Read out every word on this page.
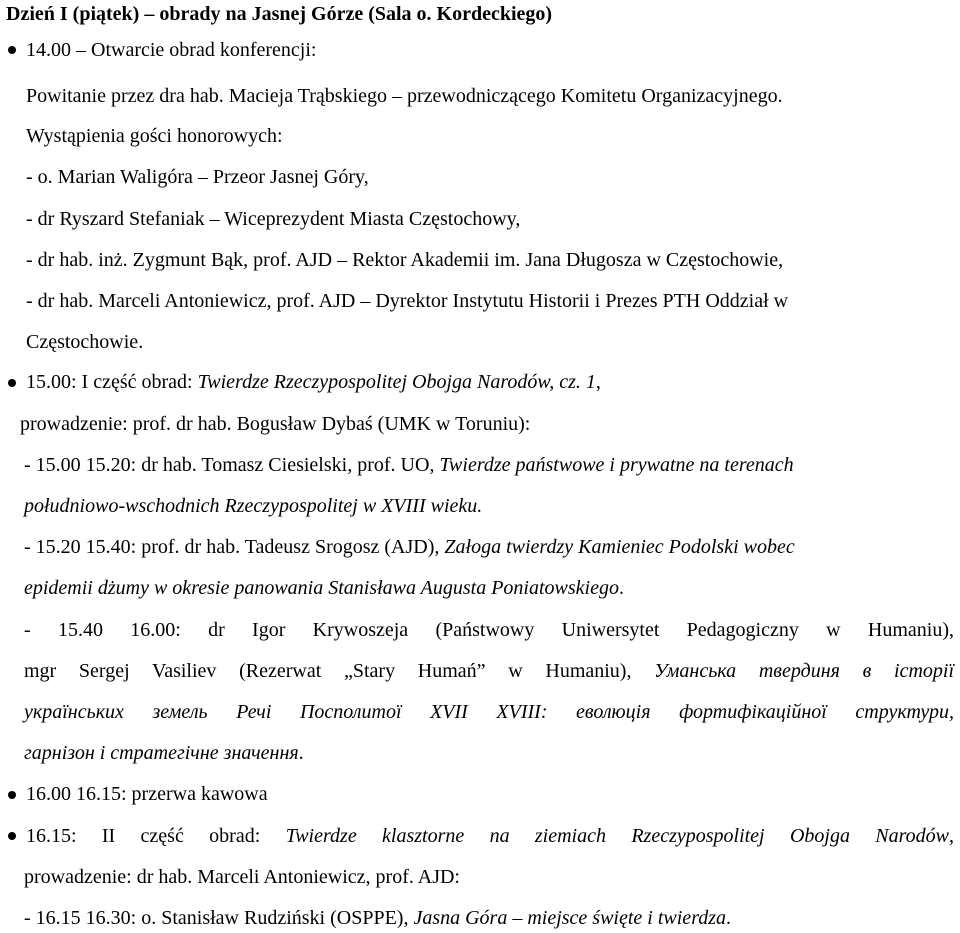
Dzień I (piątek) – obrady na Jasnej Górze (Sala o. Kordeckiego)
14.00 – Otwarcie obrad konferencji:
Powitanie przez dra hab. Macieja Trąbskiego – przewodniczącego Komitetu Organizacyjnego.
Wystąpienia gości honorowych:
- o. Marian Waligóra – Przeor Jasnej Góry,
- dr Ryszard Stefaniak – Wiceprezydent Miasta Częstochowy,
- dr hab. inż. Zygmunt Bąk, prof. AJD – Rektor Akademii im. Jana Długosza w Częstochowie,
- dr hab. Marceli Antoniewicz, prof. AJD – Dyrektor Instytutu Historii i Prezes PTH Oddział w
Częstochowie.
15.00: I część obrad: Twierdze Rzeczypospolitej Obojga Narodów, cz. 1,
prowadzenie: prof. dr hab. Bogusław Dybaś (UMK w Toruniu):
- 15.00 15.20: dr hab. Tomasz Ciesielski, prof. UO, Twierdze państwowe i prywatne na terenach
południowo-wschodnich Rzeczypospolitej w XVIII wieku.
- 15.20 15.40: prof. dr hab. Tadeusz Srogosz (AJD), Załoga twierdzy Kamieniec Podolski wobec
epidemii dżumy w okresie panowania Stanisława Augusta Poniatowskiego.
- 15.40 16.00: dr Igor Krywoszeja (Państwowy Uniwersytet Pedagogiczny w Humaniu),
mgr Sergej Vasiliev (Rezerwat „Stary Humań” w Humaniu), Уманська твердиня в історії
українських земель Речі Посполитої XVII XVIII: еволюція фортифікаційної структури,
гарнізон і стратегічне значення.
16.00 16.15: przerwa kawowa
16.15: II część obrad: Twierdze klasztorne na ziemiach Rzeczypospolitej Obojga Narodów,
prowadzenie: dr hab. Marceli Antoniewicz, prof. AJD:
- 16.15 16.30: o. Stanisław Rudziński (OSPPE), Jasna Góra – miejsce święte i twierdza.
